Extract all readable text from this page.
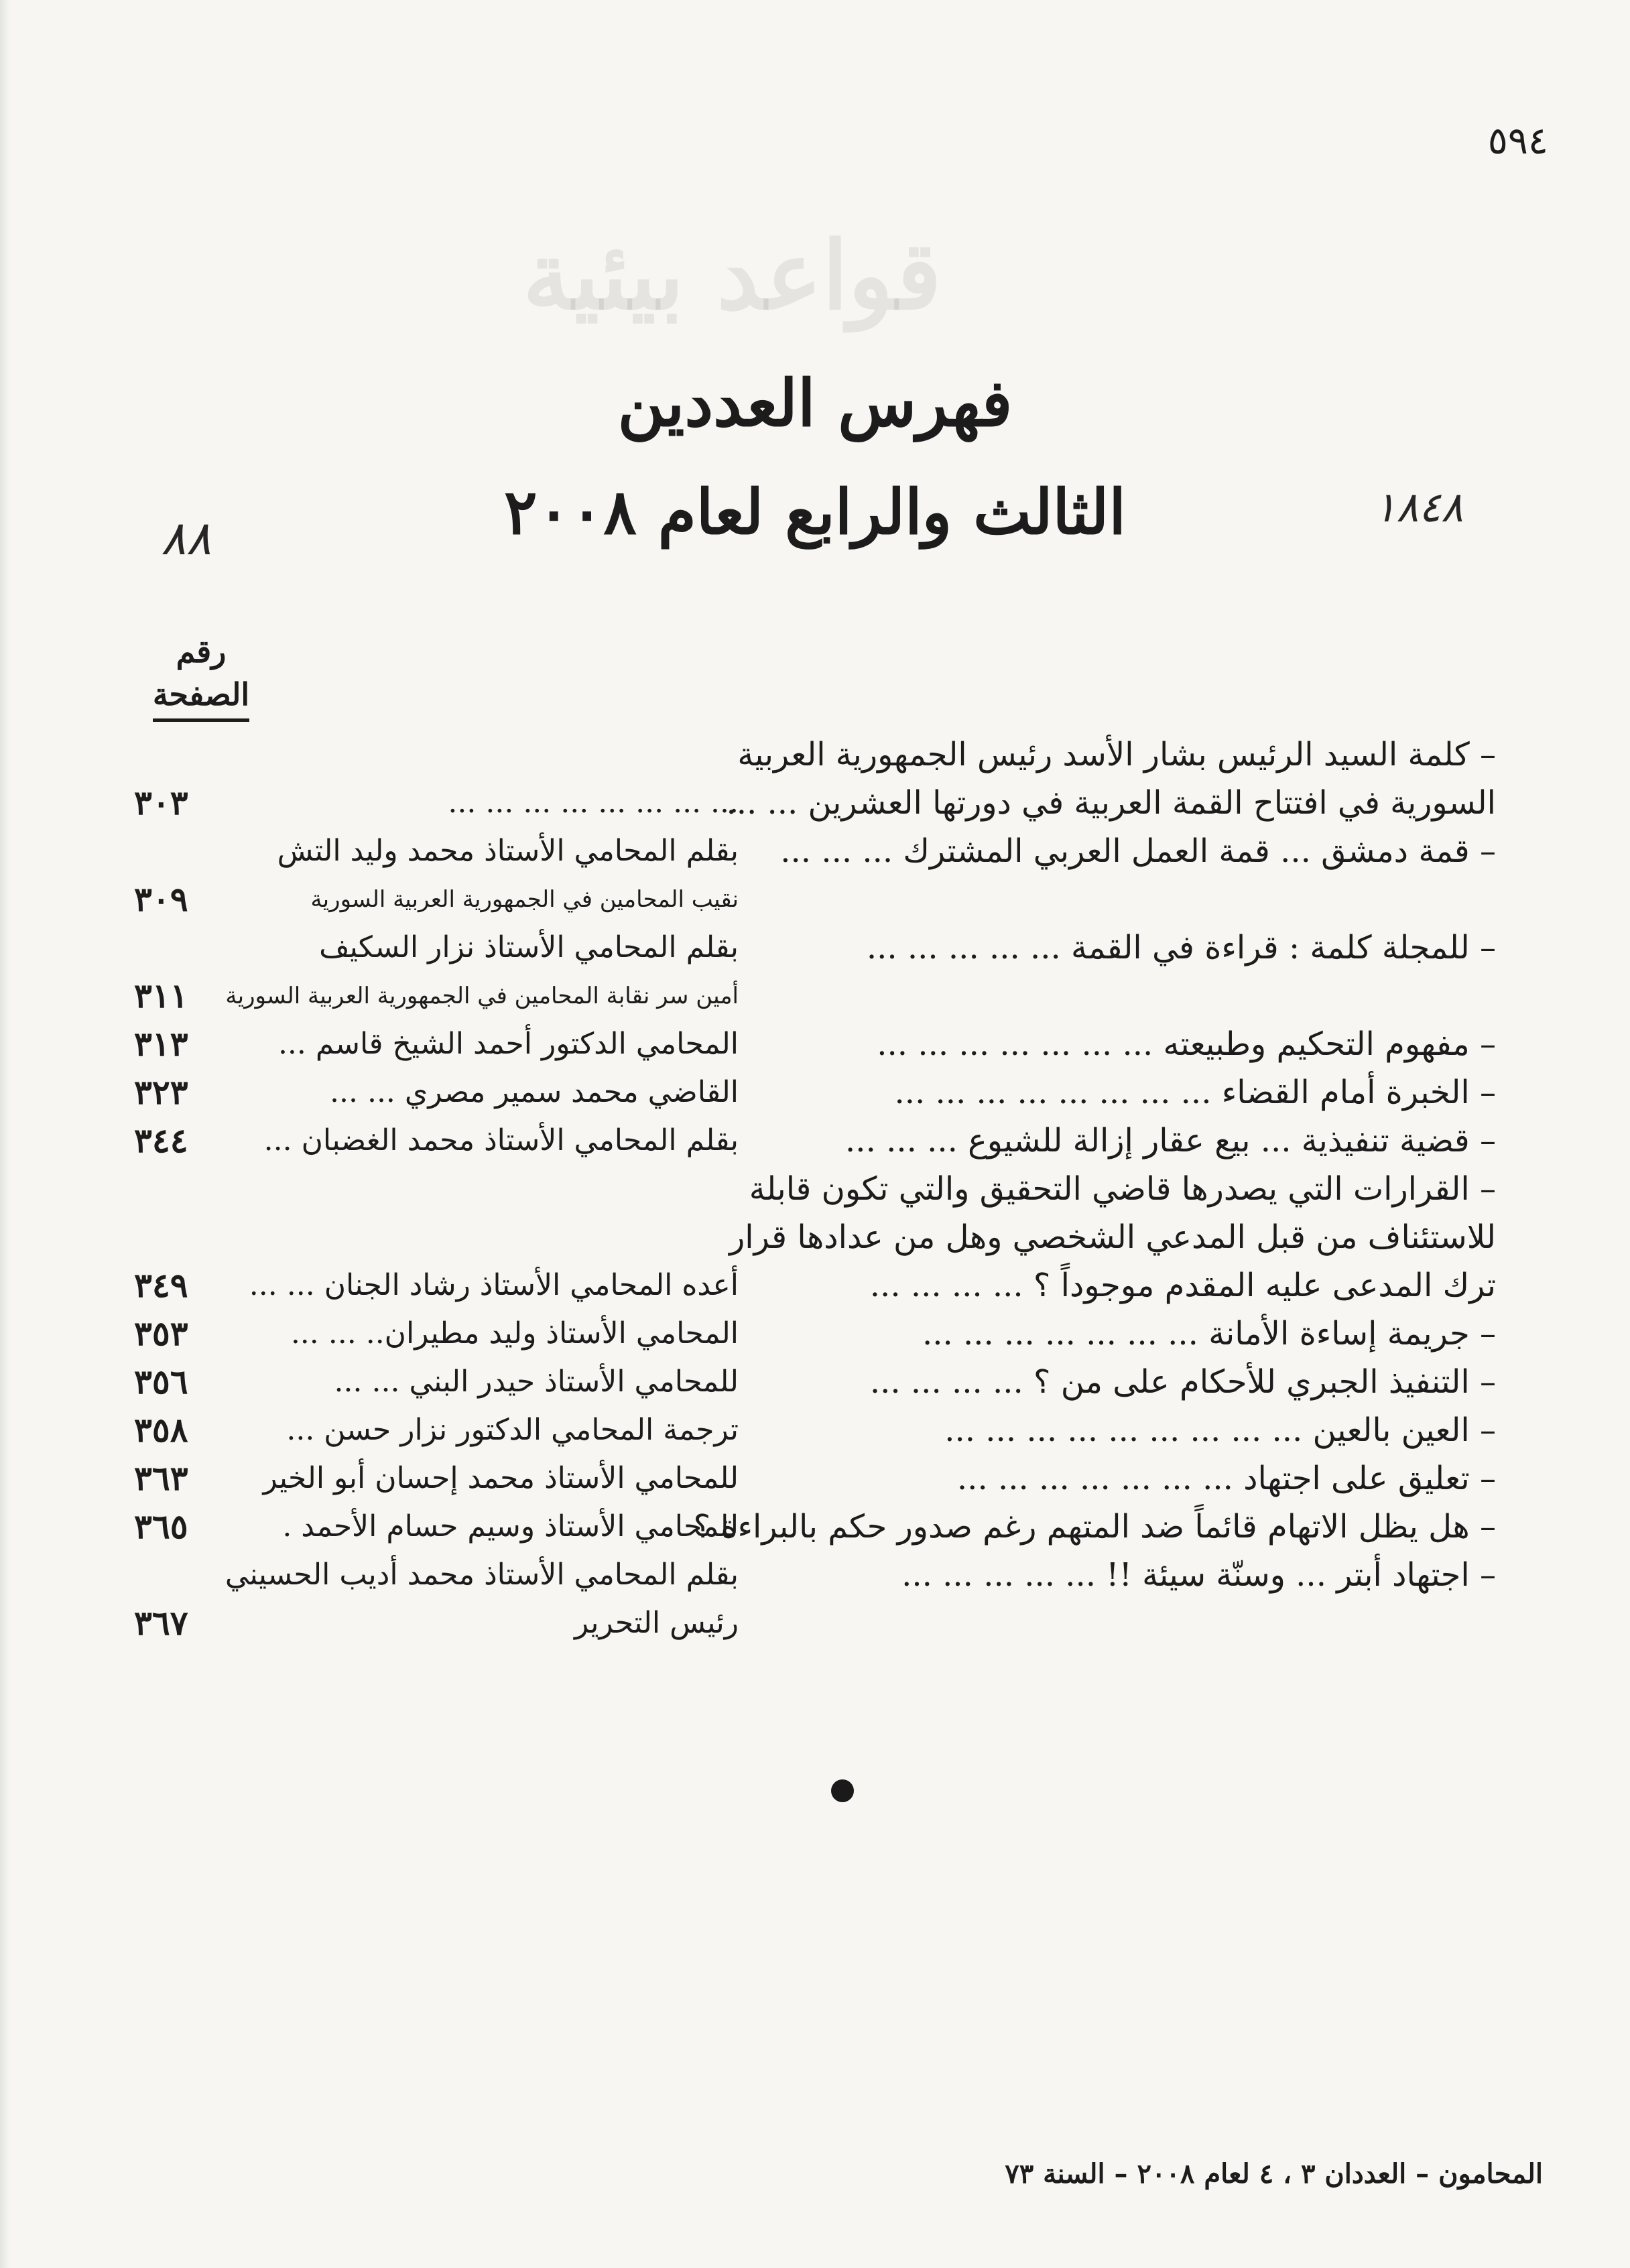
قواعد بيئية
٥٩٤
٨٨
١٨٤٨
فهرس العددين
الثالث والرابع لعام ٢٠٠٨
رقم
الصفحة
– كلمة السيد الرئيس بشار الأسد رئيس الجمهورية العربية
السورية في افتتاح القمة العربية في دورتها العشرين ... ...
... ... ... ... ... ... ... ...
٣٠٣
– قمة دمشق ... قمة العمل العربي المشترك ... ... ...
بقلم المحامي الأستاذ محمد وليد التش
نقيب المحامين في الجمهورية العربية السورية
٣٠٩
– للمجلة كلمة : قراءة في القمة ... ... ... ... ...
بقلم المحامي الأستاذ نزار السكيف
أمين سر نقابة المحامين في الجمهورية العربية السورية
٣١١
– مفهوم التحكيم وطبيعته ... ... ... ... ... ... ...
المحامي الدكتور أحمد الشيخ قاسم ...
٣١٣
– الخبرة أمام القضاء ... ... ... ... ... ... ... ...
القاضي محمد سمير مصري ... ...
٣٢٣
– قضية تنفيذية ... بيع عقار إزالة للشيوع ... ... ...
بقلم المحامي الأستاذ محمد الغضبان ...
٣٤٤
– القرارات التي يصدرها قاضي التحقيق والتي تكون قابلة
للاستئناف من قبل المدعي الشخصي وهل من عدادها قرار
ترك المدعى عليه المقدم موجوداً ؟ ... ... ... ...
أعده المحامي الأستاذ رشاد الجنان ... ...
٣٤٩
– جريمة إساءة الأمانة ... ... ... ... ... ... ...
المحامي الأستاذ وليد مطيران.. ... ...
٣٥٣
– التنفيذ الجبري للأحكام على من ؟ ... ... ... ...
للمحامي الأستاذ حيدر البني ... ...
٣٥٦
– العين بالعين ... ... ... ... ... ... ... ... ...
ترجمة المحامي الدكتور نزار حسن ...
٣٥٨
– تعليق على اجتهاد ... ... ... ... ... ... ...
للمحامي الأستاذ محمد إحسان أبو الخير
٣٦٣
– هل يظل الاتهام قائماً ضد المتهم رغم صدور حكم بالبراءة ؟
للمحامي الأستاذ وسيم حسام الأحمد .
٣٦٥
– اجتهاد أبتر ... وسنّة سيئة !! ... ... ... ... ...
بقلم المحامي الأستاذ محمد أديب الحسيني
رئيس التحرير
٣٦٧
المحامون – العددان ٣ ، ٤ لعام ٢٠٠٨ – السنة ٧٣
